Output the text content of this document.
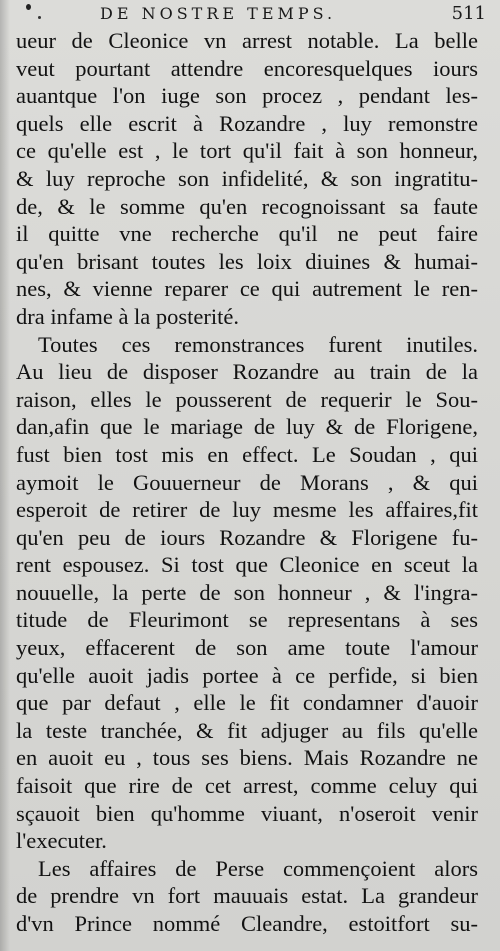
DE NOSTRE TEMPS.	511
ueur de Cleonice vn arrest notable. La belle
veut pourtant attendre encoresquelques iours
auantque l'on iuge son procez , pendant les-
quels elle escrit à Rozandre , luy remonstre
ce qu'elle est , le tort qu'il fait à son honneur,
& luy reproche son infidelité, & son ingratitu-
de, & le somme qu'en recognoissant sa faute
il quitte vne recherche qu'il ne peut faire
qu'en brisant toutes les loix diuines & humai-
nes, & vienne reparer ce qui autrement le ren-
dra infame à la posterité.
Toutes ces remonstrances furent inutiles.
Au lieu de disposer Rozandre au train de la
raison, elles le pousserent de requerir le Sou-
dan,afin que le mariage de luy & de Florigene,
fust bien tost mis en effect. Le Soudan , qui
aymoit le Gouuerneur de Morans , & qui
esperoit de retirer de luy mesme les affaires,fit
qu'en peu de iours Rozandre & Florigene fu-
rent espousez. Si tost que Cleonice en sceut la
nouuelle, la perte de son honneur , & l'ingra-
titude de Fleurimont se representans à ses
yeux, effacerent de son ame toute l'amour
qu'elle auoit jadis portee à ce perfide, si bien
que par defaut , elle le fit condamner d'auoir
la teste tranchée, & fit adjuger au fils qu'elle
en auoit eu , tous ses biens. Mais Rozandre ne
faisoit que rire de cet arrest, comme celuy qui
sçauoit bien qu'homme viuant, n'oseroit venir
l'executer.
Les affaires de Perse commençoient alors
de prendre vn fort mauuais estat. La grandeur
d'vn Prince nommé Cleandre, estoitfort su-
